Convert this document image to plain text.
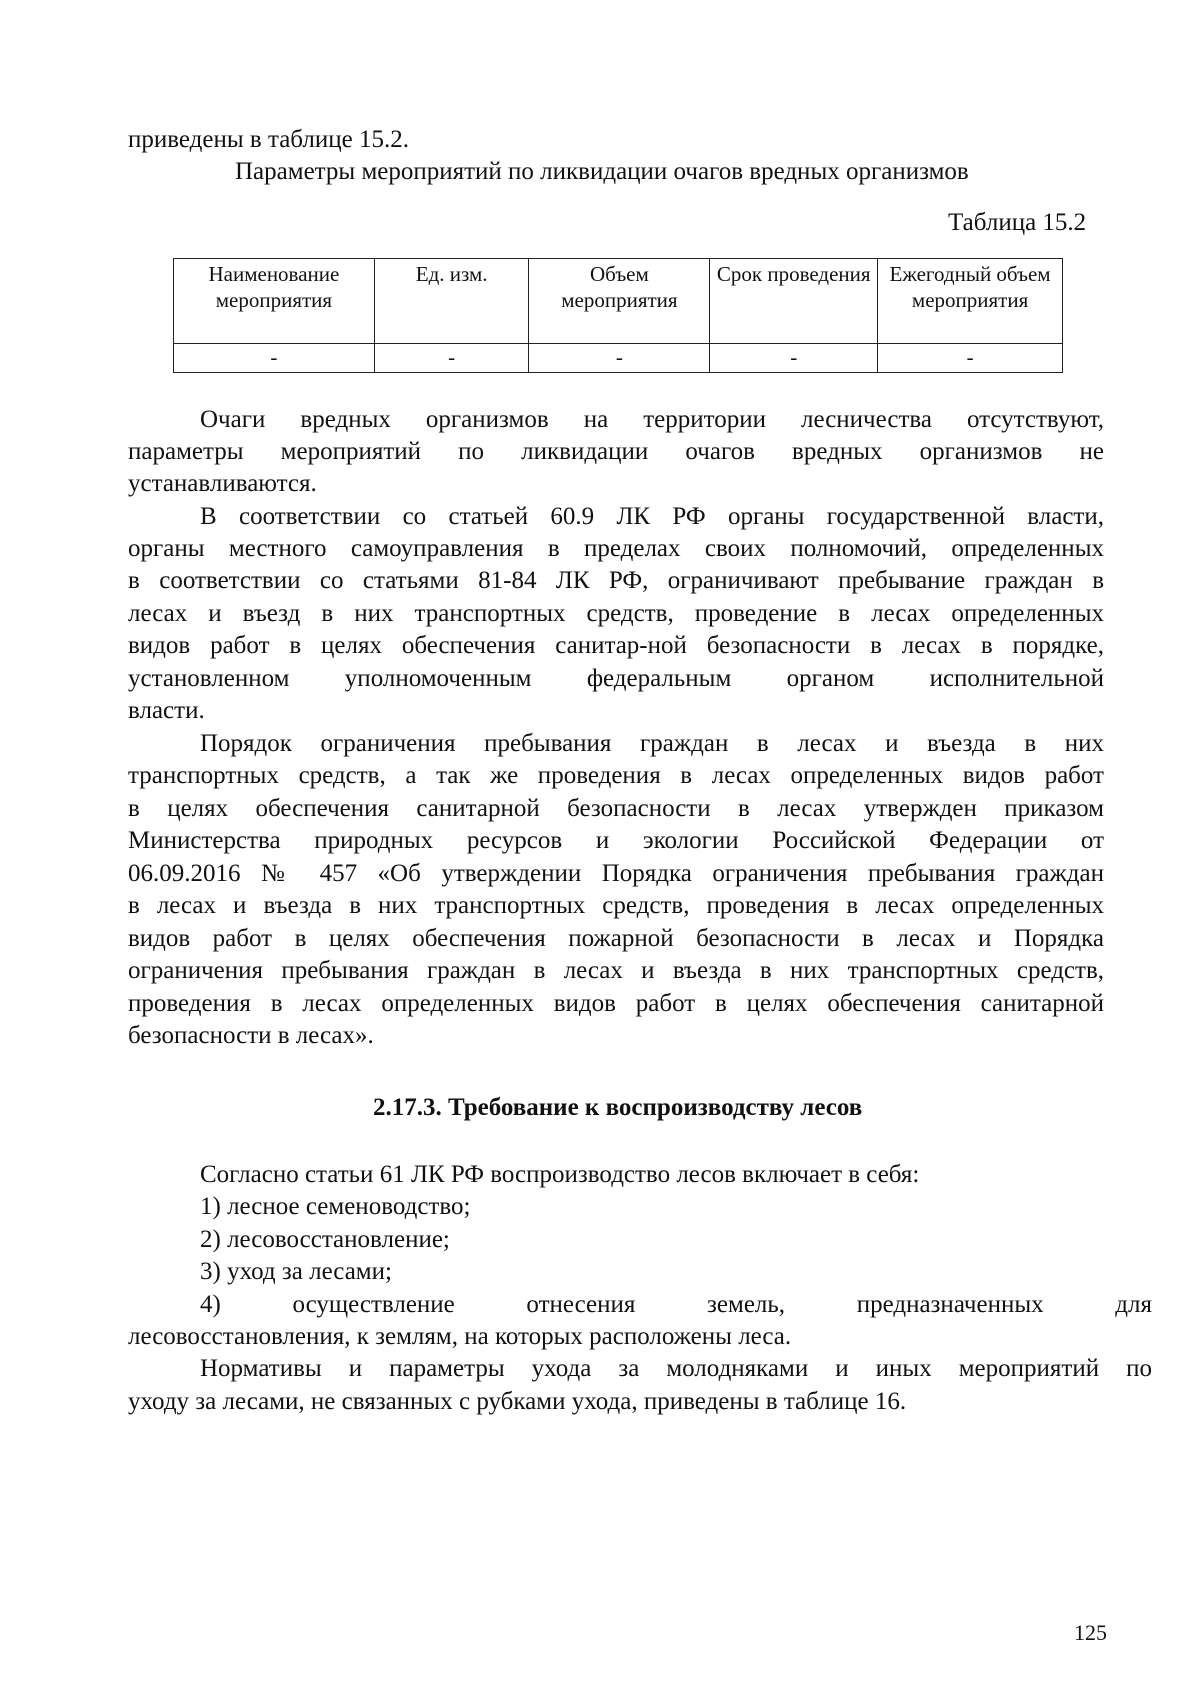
приведены в таблице 15.2.
Параметры мероприятий по ликвидации очагов вредных организмов
Таблица 15.2
Наименование мероприятия	Ед. изм.	Объем мероприятия	Срок проведения	Ежегодный объем мероприятия
-	-	-	-	-
Очаги вредных организмов на территории лесничества отсутствуют,
параметры мероприятий по ликвидации очагов вредных организмов не
устанавливаются.
В соответствии со статьей 60.9 ЛК РФ органы государственной власти,
органы местного самоуправления в пределах своих полномочий, определенных
в соответствии со статьями 81-84 ЛК РФ, ограничивают пребывание граждан в
лесах и въезд в них транспортных средств, проведение в лесах определенных
видов работ в целях обеспечения санитар-ной безопасности в лесах в порядке,
установленном уполномоченным федеральным органом исполнительной
власти.
Порядок ограничения пребывания граждан в лесах и въезда в них
транспортных средств, а так же проведения в лесах определенных видов работ
в целях обеспечения санитарной безопасности в лесах утвержден приказом
Министерства природных ресурсов и экологии Российской Федерации от
06.09.2016 № 457 «Об утверждении Порядка ограничения пребывания граждан
в лесах и въезда в них транспортных средств, проведения в лесах определенных
видов работ в целях обеспечения пожарной безопасности в лесах и Порядка
ограничения пребывания граждан в лесах и въезда в них транспортных средств,
проведения в лесах определенных видов работ в целях обеспечения санитарной
безопасности в лесах».
2.17.3. Требование к воспроизводству лесов
Согласно статьи 61 ЛК РФ воспроизводство лесов включает в себя:
1) лесное семеноводство;
2) лесовосстановление;
3) уход за лесами;
4) осуществление отнесения земель, предназначенных для
лесовосстановления, к землям, на которых расположены леса.
Нормативы и параметры ухода за молодняками и иных мероприятий по
уходу за лесами, не связанных с рубками ухода, приведены в таблице 16.
125
